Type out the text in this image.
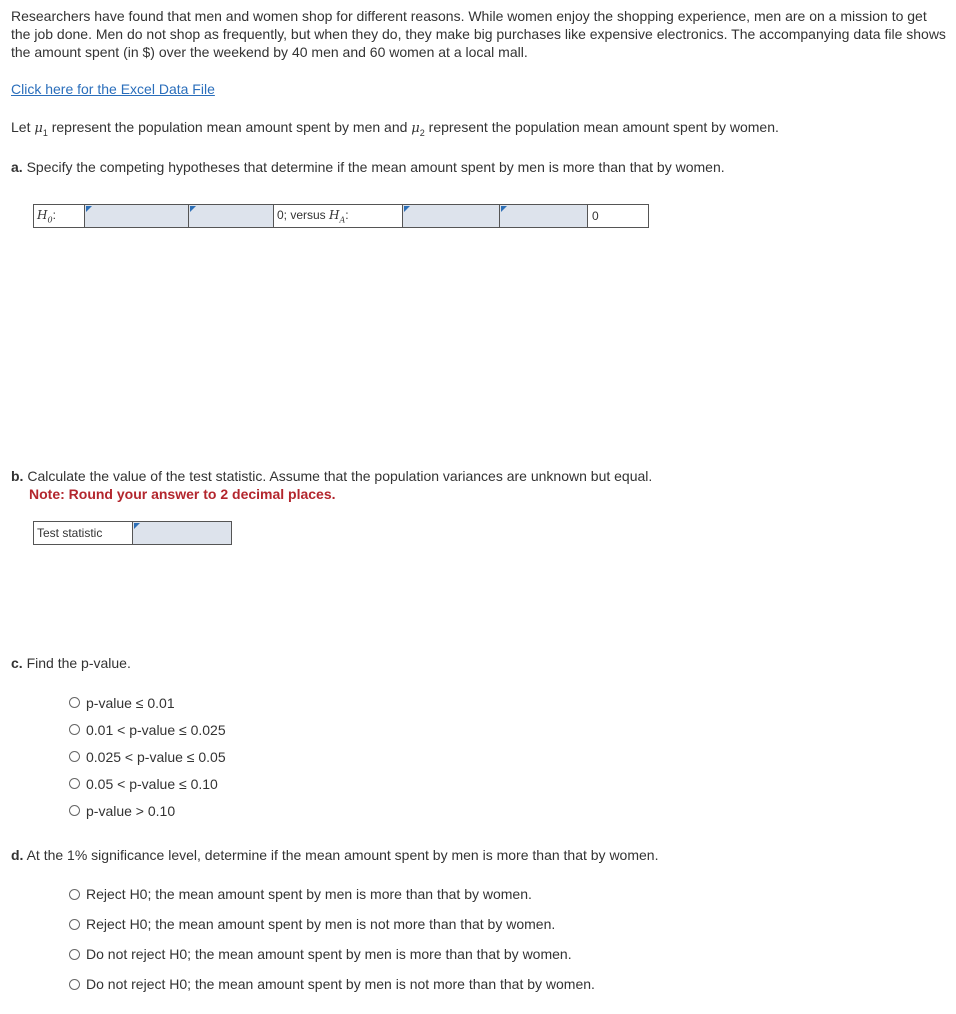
Researchers have found that men and women shop for different reasons. While women enjoy the shopping experience, men are on a mission to get the job done. Men do not shop as frequently, but when they do, they make big purchases like expensive electronics. The accompanying data file shows the amount spent (in $) over the weekend by 40 men and 60 women at a local mall.
Click here for the Excel Data File
Let $\mu_1$ represent the population mean amount spent by men and $\mu_2$ represent the population mean amount spent by women.
a. Specify the competing hypotheses that determine if the mean amount spent by men is more than that by women.
$H_0$:			0; versus $H_A$:			0
b. Calculate the value of the test statistic. Assume that the population variances are unknown but equal.
Note: Round your answer to 2 decimal places.
Test statistic	
c. Find the p-value.
p-value ≤ 0.01
0.01 < p-value ≤ 0.025
0.025 < p-value ≤ 0.05
0.05 < p-value ≤ 0.10
p-value > 0.10
d. At the 1% significance level, determine if the mean amount spent by men is more than that by women.
Reject H0; the mean amount spent by men is more than that by women.
Reject H0; the mean amount spent by men is not more than that by women.
Do not reject H0; the mean amount spent by men is more than that by women.
Do not reject H0; the mean amount spent by men is not more than that by women.
